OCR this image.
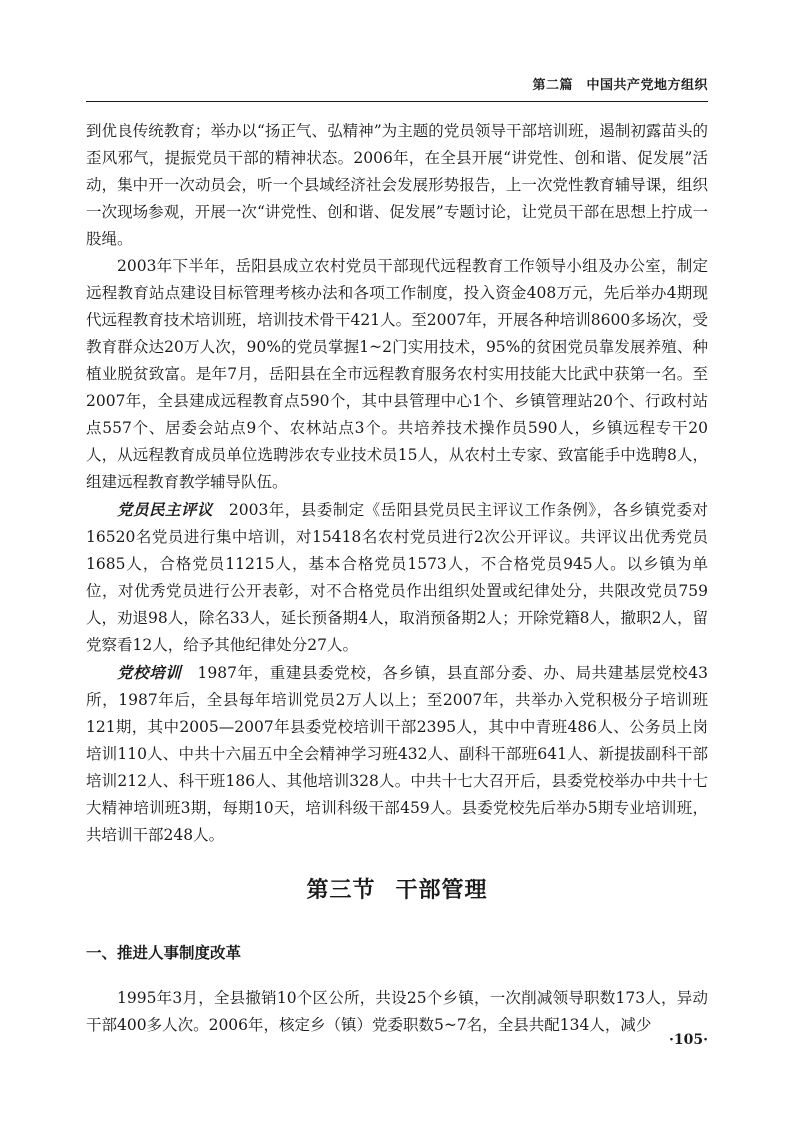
第二篇　中国共产党地方组织

到优良传统教育；举办以“扬正气、弘精神”为主题的党员领导干部培训班，遏制初露苗头的歪风邪气，提振党员干部的精神状态。2006年，在全县开展“讲党性、创和谐、促发展”活动，集中开一次动员会，听一个县域经济社会发展形势报告，上一次党性教育辅导课，组织一次现场参观，开展一次“讲党性、创和谐、促发展”专题讨论，让党员干部在思想上拧成一股绳。

2003年下半年，岳阳县成立农村党员干部现代远程教育工作领导小组及办公室，制定远程教育站点建设目标管理考核办法和各项工作制度，投入资金408万元，先后举办4期现代远程教育技术培训班，培训技术骨干421人。至2007年，开展各种培训8600多场次，受教育群众达20万人次，90%的党员掌握1~2门实用技术，95%的贫困党员靠发展养殖、种植业脱贫致富。是年7月，岳阳县在全市远程教育服务农村实用技能大比武中获第一名。至2007年，全县建成远程教育点590个，其中县管理中心1个、乡镇管理站20个、行政村站点557个、居委会站点9个、农林站点3个。共培养技术操作员590人，乡镇远程专干20人，从远程教育成员单位选聘涉农专业技术员15人，从农村土专家、致富能手中选聘8人，组建远程教育教学辅导队伍。

党员民主评议　 2003年，县委制定《岳阳县党员民主评议工作条例》，各乡镇党委对16520名党员进行集中培训，对15418名农村党员进行2次公开评议。共评议出优秀党员1685人，合格党员11215人，基本合格党员1573人，不合格党员945人。以乡镇为单位，对优秀党员进行公开表彰，对不合格党员作出组织处置或纪律处分，共限改党员759人，劝退98人，除名33人，延长预备期4人，取消预备期2人；开除党籍8人，撤职2人，留党察看12人，给予其他纪律处分27人。

党校培训　 1987年，重建县委党校，各乡镇，县直部分委、办、局共建基层党校43所，1987年后，全县每年培训党员2万人以上；至2007年，共举办入党积极分子培训班121期，其中2005—2007年县委党校培训干部2395人，其中中青班486人、公务员上岗培训110人、中共十六届五中全会精神学习班432人、副科干部班641人、新提拔副科干部培训212人、科干班186人、其他培训328人。中共十七大召开后，县委党校举办中共十七大精神培训班3期，每期10天，培训科级干部459人。县委党校先后举办5期专业培训班，共培训干部248人。

第三节 干部管理
一、推进人事制度改革

1995年3月，全县撤销10个区公所，共设25个乡镇，一次削减领导职数173人，异动干部400多人次。2006年，核定乡（镇）党委职数5~7名，全县共配134人，减少

·105·
